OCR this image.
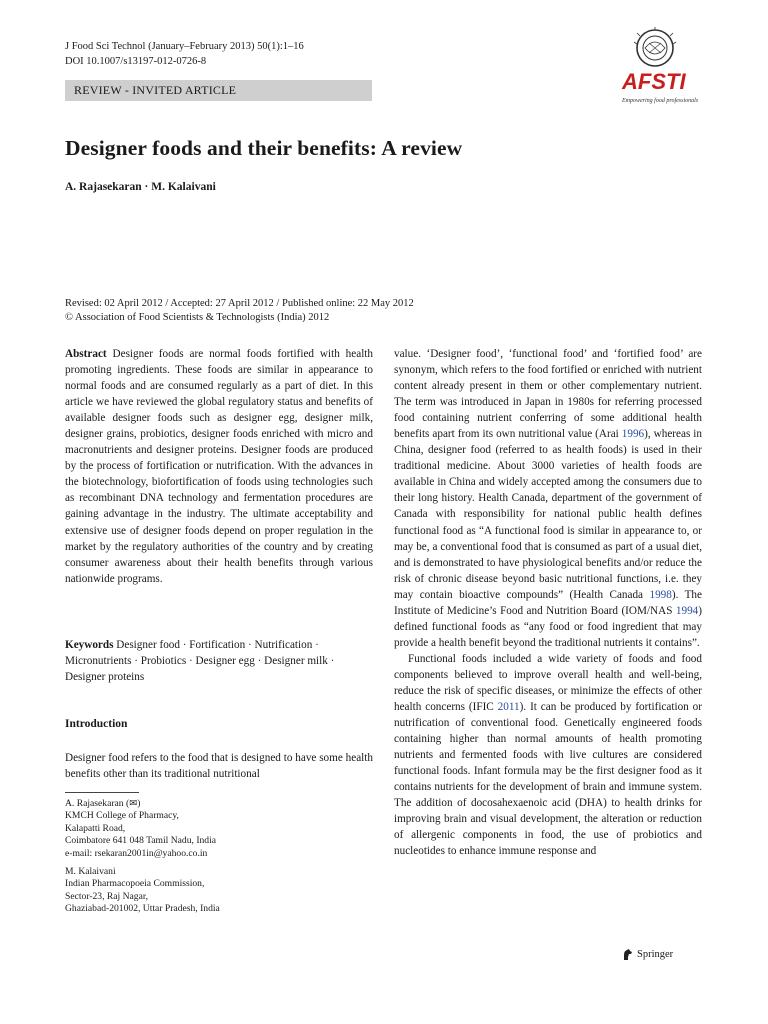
J Food Sci Technol (January–February 2013) 50(1):1–16
DOI 10.1007/s13197-012-0726-8
REVIEW - INVITED ARTICLE	AFSTI
Empowering food professionals
Designer foods and their benefits: A review
A. Rajasekaran · M. Kalaivani
Revised: 02 April 2012 / Accepted: 27 April 2012 / Published online: 22 May 2012
© Association of Food Scientists & Technologists (India) 2012

Abstract Designer foods are normal foods fortified with health promoting ingredients. These foods are similar in appearance to normal foods and are consumed regularly as a part of diet. In this article we have reviewed the global regulatory status and benefits of available designer foods such as designer egg, designer milk, designer grains, probiotics, designer foods enriched with micro and macronutrients and designer proteins. Designer foods are produced by the process of fortification or nutrification. With the advances in the biotechnology, biofortification of foods using technologies such as recombinant DNA technology and fermentation procedures are gaining advantage in the industry. The ultimate acceptability and extensive use of designer foods depend on proper regulation in the market by the regulatory authorities of the country and by creating consumer awareness about their health benefits through various nationwide programs.

Keywords Designer food · Fortification · Nutrification · Micronutrients · Probiotics · Designer egg · Designer milk · Designer proteins

Introduction

Designer food refers to the food that is designed to have some health benefits other than its traditional nutritional

A. Rajasekaran (✉)
KMCH College of Pharmacy,
Kalapatti Road,
Coimbatore 641 048 Tamil Nadu, India
e-mail: rsekaran2001in@yahoo.co.in
M. Kalaivani
Indian Pharmacopoeia Commission,
Sector-23, Raj Nagar,
Ghaziabad-201002, Uttar Pradesh, India

value. ‘Designer food’, ‘functional food’ and ‘fortified food’ are synonym, which refers to the food fortified or enriched with nutrient content already present in them or other complementary nutrient. The term was introduced in Japan in 1980s for referring processed food containing nutrient conferring of some additional health benefits apart from its own nutritional value (Arai 1996), whereas in China, designer food (referred to as health foods) is used in their traditional medicine. About 3000 varieties of health foods are available in China and widely accepted among the consumers due to their long history. Health Canada, department of the government of Canada with responsibility for national public health defines functional food as “A functional food is similar in appearance to, or may be, a conventional food that is consumed as part of a usual diet, and is demonstrated to have physiological benefits and/or reduce the risk of chronic disease beyond basic nutritional functions, i.e. they may contain bioactive compounds” (Health Canada 1998). The Institute of Medicine’s Food and Nutrition Board (IOM/NAS 1994) defined functional foods as “any food or food ingredient that may provide a health benefit beyond the traditional nutrients it contains”.

Functional foods included a wide variety of foods and food components believed to improve overall health and well-being, reduce the risk of specific diseases, or minimize the effects of other health concerns (IFIC 2011). It can be produced by fortification or nutrification of conventional food. Genetically engineered foods containing higher than normal amounts of health promoting nutrients and fermented foods with live cultures are considered functional foods. Infant formula may be the first designer food as it contains nutrients for the development of brain and immune system. The addition of docosahexaenoic acid (DHA) to health drinks for improving brain and visual development, the alteration or reduction of allergenic components in food, the use of probiotics and nucleotides to enhance immune response and

Springer
